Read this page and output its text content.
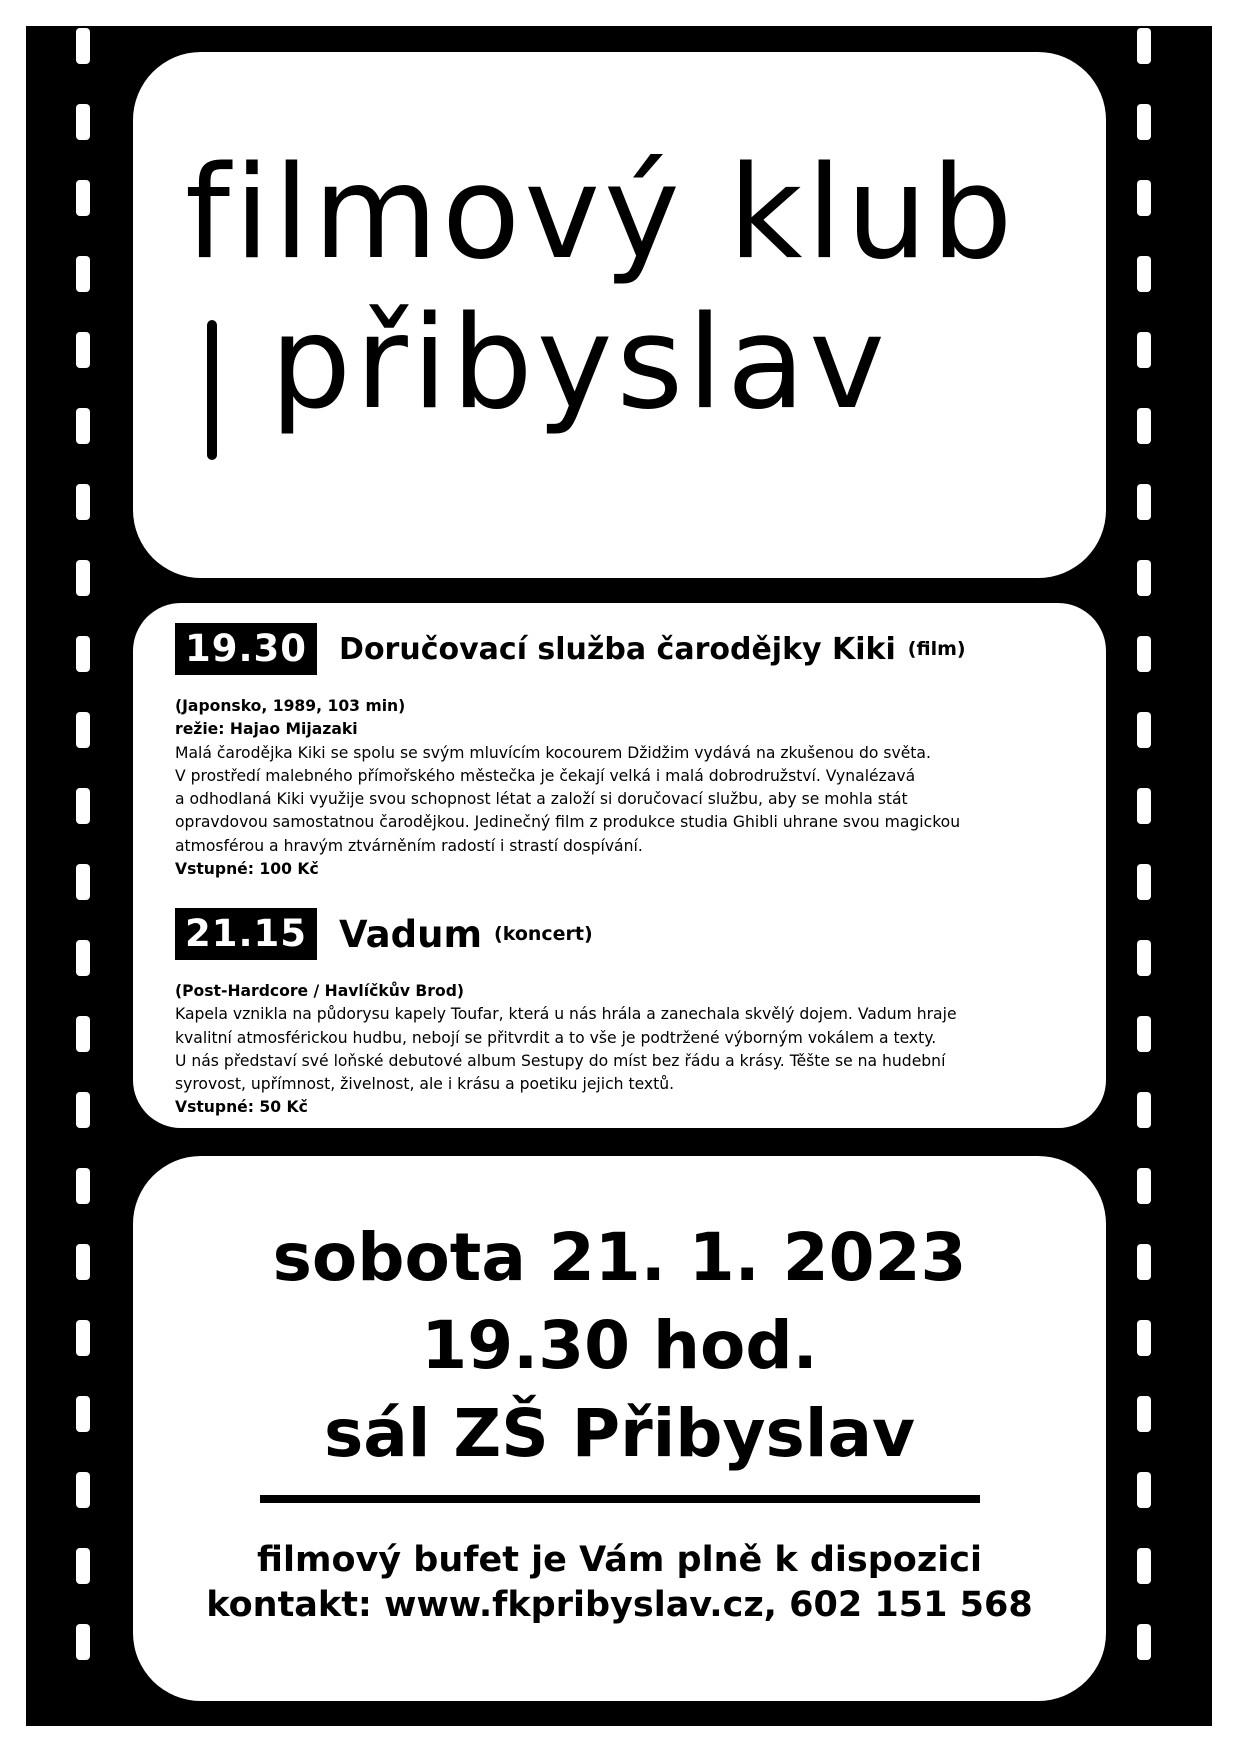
filmový klub
přibyslav
19.30	Doručovací služba čarodějky Kiki (film)
(Japonsko, 1989, 103 min)
režie: Hajao Mijazaki
Malá čarodějka Kiki se spolu se svým mluvícím kocourem Džidžim vydává na zkušenou do světa.
V prostředí malebného přímořského městečka je čekají velká i malá dobrodružství. Vynalézavá
a odhodlaná Kiki využije svou schopnost létat a založí si doručovací službu, aby se mohla stát
opravdovou samostatnou čarodějkou. Jedinečný film z produkce studia Ghibli uhrane svou magickou
atmosférou a hravým ztvárněním radostí i strastí dospívání.
Vstupné: 100 Kč
21.15 Vadum (koncert)
(Post-Hardcore / Havlíčkův Brod)
Kapela vznikla na půdorysu kapely Toufar, která u nás hrála a zanechala skvělý dojem. Vadum hraje
kvalitní atmosférickou hudbu, nebojí se přitvrdit a to vše je podtržené výborným vokálem a texty.
U nás představí své loňské debutové album Sestupy do míst bez řádu a krásy. Těšte se na hudební
syrovost, upřímnost, živelnost, ale i krásu a poetiku jejich textů.
Vstupné: 50 Kč
sobota 21. 1. 2023
19.30 hod.
sál ZŠ Přibyslav
filmový bufet je Vám plně k dispozici
kontakt: www.fkpribyslav.cz, 602 151 568
